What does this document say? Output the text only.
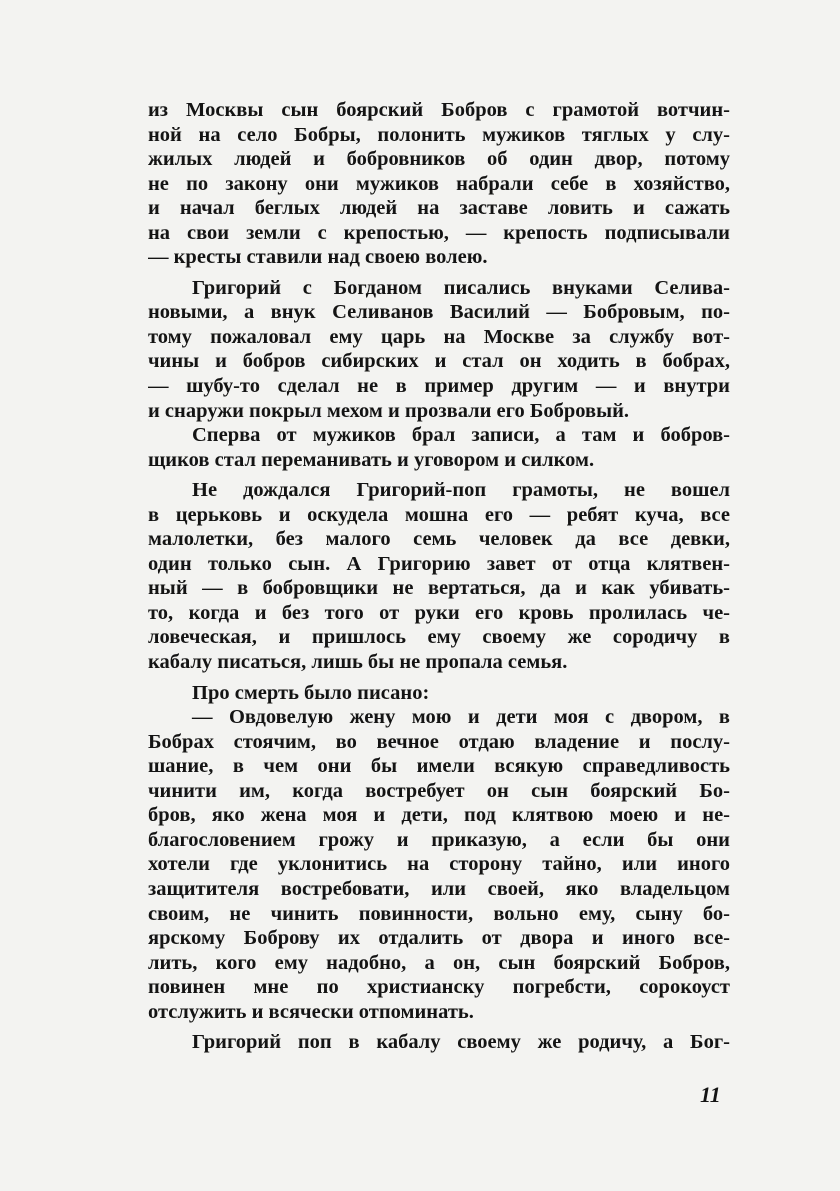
из Москвы сын боярский Бобров с грамотой вотчин-
ной на село Бобры, полонить мужиков тяглых у слу-
жилых людей и бобровников об один двор, потому
не по закону они мужиков набрали себе в хозяйство,
и начал беглых людей на заставе ловить и сажать
на свои земли с крепостью, — крепость подписывали
— кресты ставили над своею волею.
Григорий с Богданом писались внуками Селива-
новыми, а внук Селиванов Василий — Бобровым, по-
тому пожаловал ему царь на Москве за службу вот-
чины и бобров сибирских и стал он ходить в бобрах,
— шубу-то сделал не в пример другим — и внутри
и снаружи покрыл мехом и прозвали его Бобровый.
Сперва от мужиков брал записи, а там и бобров-
щиков стал переманивать и уговором и силком.
Не дождался Григорий-поп грамоты, не вошел
в церьковь и оскудела мошна его — ребят куча, все
малолетки, без малого семь человек да все девки,
один только сын. А Григорию завет от отца клятвен-
ный — в бобровщики не вертаться, да и как убивать-
то, когда и без того от руки его кровь пролилась че-
ловеческая, и пришлось ему своему же сородичу в
кабалу писаться, лишь бы не пропала семья.
Про смерть было писано:
— Овдовелую жену мою и дети моя с двором, в
Бобрах стоячим, во вечное отдаю владение и послу-
шание, в чем они бы имели всякую справедливость
чинити им, когда востребует он сын боярский Бо-
бров, яко жена моя и дети, под клятвою моею и не-
благословением грожу и приказую, а если бы они
хотели где уклонитись на сторону тайно, или иного
защитителя востребовати, или своей, яко владельцом
своим, не чинить повинности, вольно ему, сыну бо-
ярскому Боброву их отдалить от двора и иного все-
лить, кого ему надобно, а он, сын боярский Бобров,
повинен мне по христианску погребсти, сорокоуст
отслужить и всячески отпоминать.
Григорий поп в кабалу своему же родичу, а Бог-
11
